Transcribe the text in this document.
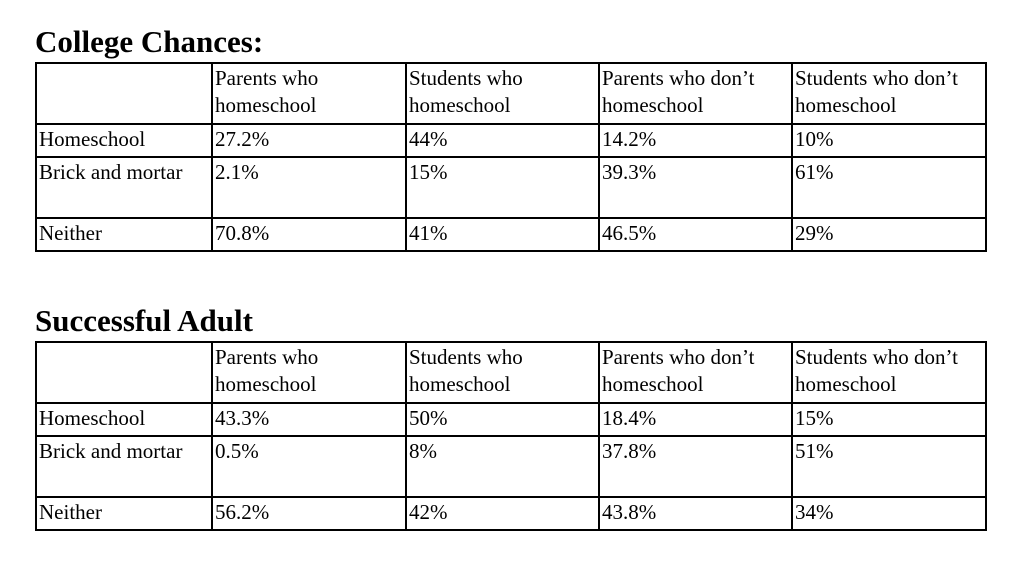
College Chances:
	Parents who homeschool	Students who homeschool	Parents who don’t homeschool	Students who don’t homeschool
Homeschool	27.2%	44%	14.2%	10%
Brick and mortar	2.1%	15%	39.3%	61%
Neither	70.8%	41%	46.5%	29%
Successful Adult
	Parents who homeschool	Students who homeschool	Parents who don’t homeschool	Students who don’t homeschool
Homeschool	43.3%	50%	18.4%	15%
Brick and mortar	0.5%	8%	37.8%	51%
Neither	56.2%	42%	43.8%	34%
